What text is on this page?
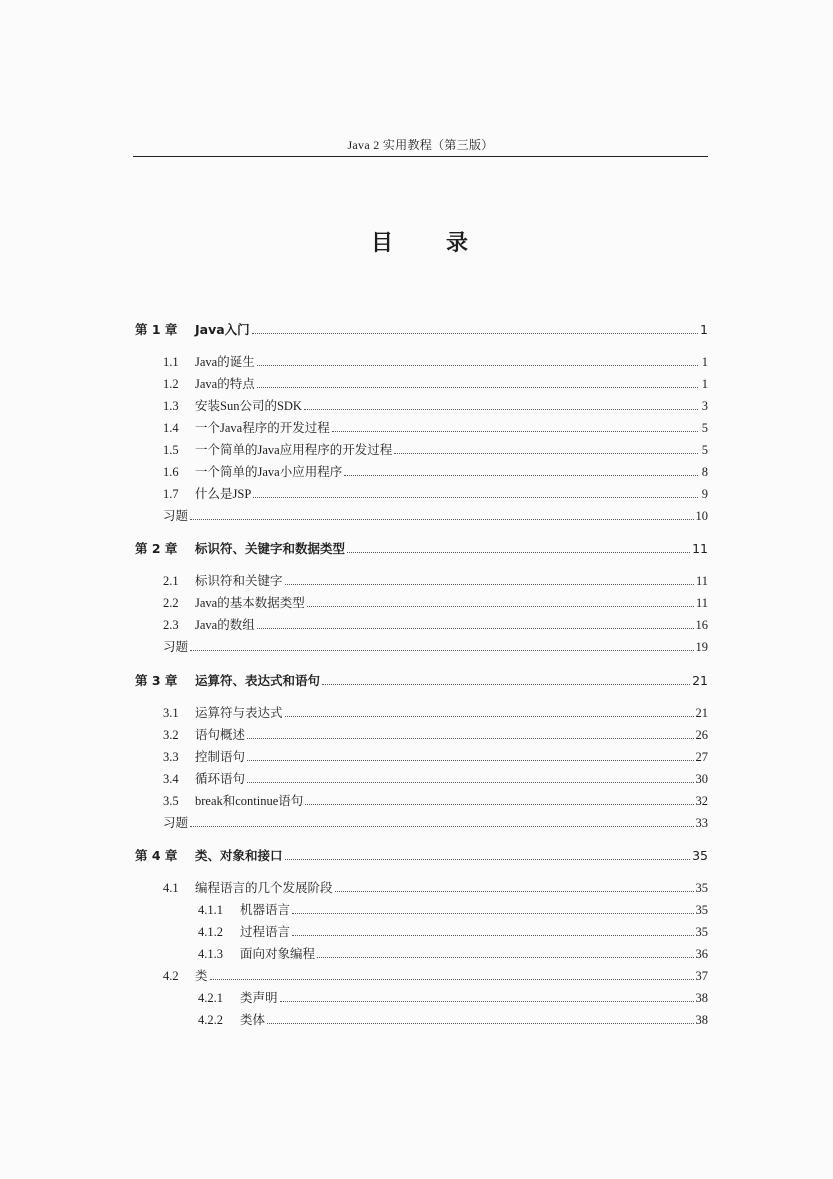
Java 2 实用教程（第三版）
目 录
第 1 章	Java入门	1
1.1	Java的诞生	1
1.2	Java的特点	1
1.3	安装Sun公司的SDK	3
1.4	一个Java程序的开发过程	5
1.5	一个简单的Java应用程序的开发过程	5
1.6	一个简单的Java小应用程序	8
1.7	什么是JSP	9
习题	10
第 2 章	标识符、关键字和数据类型	11
2.1	标识符和关键字	11
2.2	Java的基本数据类型	11
2.3	Java的数组	16
习题	19
第 3 章	运算符、表达式和语句	21
3.1	运算符与表达式	21
3.2	语句概述	26
3.3	控制语句	27
3.4	循环语句	30
3.5	break和continue语句	32
习题	33
第 4 章	类、对象和接口	35
4.1	编程语言的几个发展阶段	35
4.1.1	机器语言	35
4.1.2	过程语言	35
4.1.3	面向对象编程	36
4.2	类	37
4.2.1	类声明	38
4.2.2	类体	38
